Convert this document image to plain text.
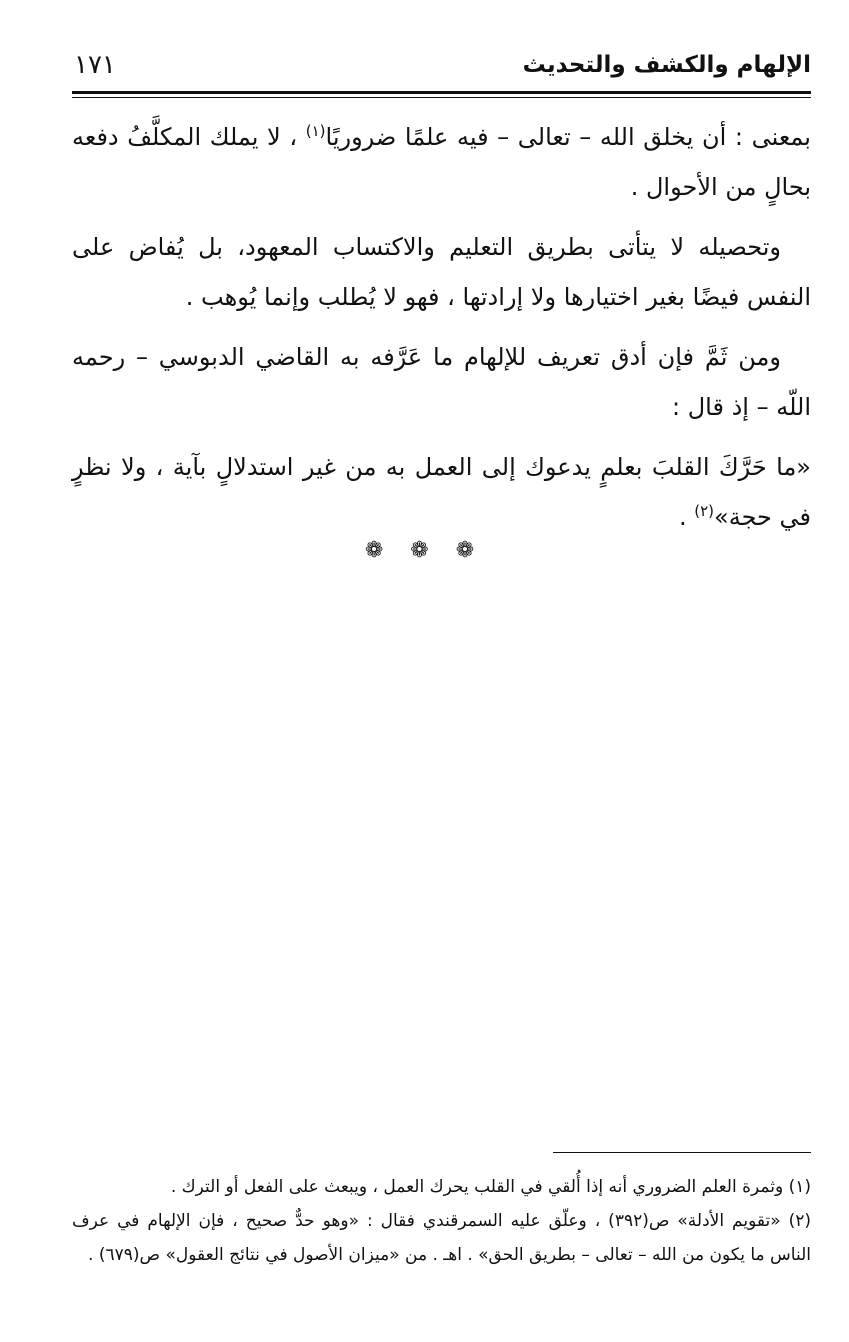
الإلهام والكشف والتحديث
١٧١

بمعنى : أن يخلق الله – تعالى – فيه علمًا ضروريًا$^{(١)}$ ، لا يملك المكلَّفُ دفعه بحالٍ من الأحوال .

وتحصيله لا يتأتى بطريق التعليم والاكتساب المعهود، بل يُفاض على النفس فيضًا بغير اختيارها ولا إرادتها ، فهو لا يُطلب وإنما يُوهب .

ومن ثَمَّ فإن أدق تعريف للإلهام ما عَرَّفه به القاضي الدبوسي – رحمه اللّه – إذ قال :

«ما حَرَّكَ القلبَ بعلمٍ يدعوك إلى العمل به من غير استدلالٍ بآية ، ولا نظرٍ في حجة»$^{(٢)}$ .

❁ ❁ ❁

(١) وثمرة العلم الضروري أنه إذا أُلقي في القلب يحرك العمل ، ويبعث على الفعل أو الترك .

(٢) «تقويم الأدلة» ص(٣٩٢) ، وعلّق عليه السمرقندي فقال : «وهو حدٌّ صحيح ، فإن الإلهام في عرف الناس ما يكون من الله – تعالى – بطريق الحق» . اهـ . من «ميزان الأصول في نتائج العقول» ص(٦٧٩) .
